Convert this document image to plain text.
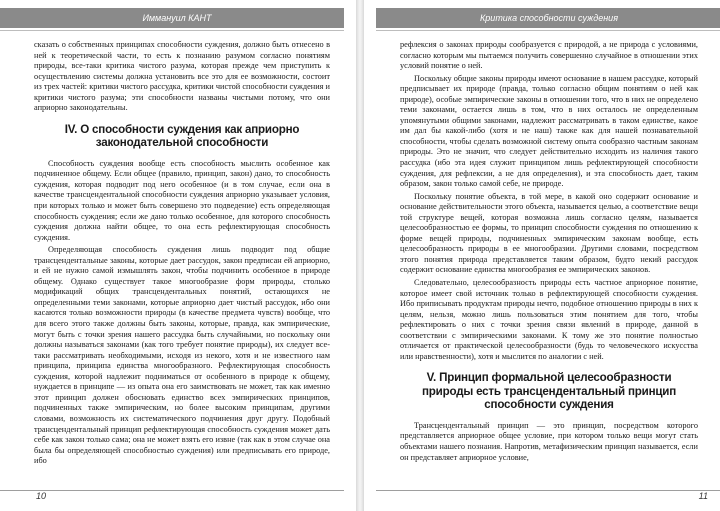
Иммануил КАНТ

сказать о собственных принципах способности суждения, должно быть отнесено в ней к теоретической части, то есть к познанию разумом согласно понятиям природы, все-таки критика чистого разума, которая прежде чем приступить к осуществлению системы должна установить все это для ее возможности, состоит из трех частей: критики чистого рассудка, критики чистой способности суждения и критики чистого разума; эти способности названы чистыми потому, что они априорно законодательны.

IV. О способности суждения как априорно законодательной способности

Способность суждения вообще есть способность мыслить особенное как подчиненное общему. Если общее (правило, принцип, закон) дано, то способность суждения, которая подводит под него особенное (и в том случае, если она в качестве трансцендентальной способности суждения априорно указывает условия, при которых только и может быть совершено это подведение) есть определяющая способность суждения; если же дано только особенное, для которого способность суждения должна найти общее, то она есть рефлектирующая способность суждения.

Определяющая способность суждения лишь подводит под общие трансцендентальные законы, которые дает рассудок, закон предписан ей априорно, и ей не нужно самой измышлять закон, чтобы подчинить особенное в природе общему. Однако существует такое многообразие форм природы, столько модификаций общих трансцендентальных понятий, остающихся не определенными теми законами, которые априорно дает чистый рассудок, ибо они касаются только возможности природы (в качестве предмета чувств) вообще, что для всего этого также должны быть законы, которые, правда, как эмпирические, могут быть с точки зрения нашего рассудка быть случайными, но поскольку они должны называться законами (как того требует понятие природы), их следует все-таки рассматривать необходимыми, исходя из некого, хотя и не известного нам принципа, принципа единства многообразного. Рефлектирующая способность суждения, которой надлежит подниматься от особенного в природе к общему, нуждается в принципе — из опыта она его заимствовать не может, так как именно этот принцип должен обосновать единство всех эмпирических принципов, подчиненных также эмпирическим, но более высоким принципам, другими словами, возможность их систематического подчинения друг другу. Подобный трансцендентальный принцип рефлектирующая способность суждения может дать себе как закон только сама; она не может взять его извне (так как в этом случае она была бы определяющей способностью суждения) или предписывать его природе, ибо

10
Критика способности суждения

рефлексия о законах природы сообразуется с природой, а не природа с условиями, согласно которым мы пытаемся получить совершенно случайное в отношении этих условий понятие о ней.

Поскольку общие законы природы имеют основание в нашем рассудке, который предписывает их природе (правда, только согласно общим понятиям о ней как природе), особые эмпирические законы в отношении того, что в них не определено теми законами, остается лишь в том, что в них осталось не определенным упомянутыми общими законами, надлежит рассматривать в таком единстве, какое им дал бы какой-либо (хотя и не наш) также как для нашей познавательной способности, чтобы сделать возможной систему опыта сообразно частным законам природы. Это не значит, что следует действительно исходить из наличия такого рассудка (ибо эта идея служит принципом лишь рефлектирующей способности суждения, для рефлексии, а не для определения), и эта способность дает, таким образом, закон только самой себе, не природе.

Поскольку понятие объекта, в той мере, в какой оно содержит основание и основание действительности этого объекта, называется целью, а соответствие вещи той структуре вещей, которая возможна лишь согласно целям, называется целесообразностью ее формы, то принцип способности суждения по отношению к форме вещей природы, подчиненных эмпирическим законам вообще, есть целесообразность природы в ее многообразии. Другими словами, посредством этого понятия природа представляется таким образом, будто некий рассудок содержит основание единства многообразия ее эмпирических законов.

Следовательно, целесообразность природы есть частное априорное понятие, которое имеет свой источник только в рефлектирующей способности суждения. Ибо приписывать продуктам природы нечто, подобное отношению природы в них к целям, нельзя, можно лишь пользоваться этим понятием для того, чтобы рефлектировать о них с точки зрения связи явлений в природе, данной в соответствии с эмпирическими законами. К тому же это понятие полностью отличается от практической целесообразности (будь то человеческого искусства или нравственности), хотя и мыслится по аналогии с ней.

V. Принцип формальной целесообразности природы есть трансцендентальный принцип способности суждения

Трансцендентальный принцип — это принцип, посредством которого представляется априорное общее условие, при котором только вещи могут стать объектами нашего познания. Напротив, метафизическим принцип называется, если он представляет априорное условие,

11
